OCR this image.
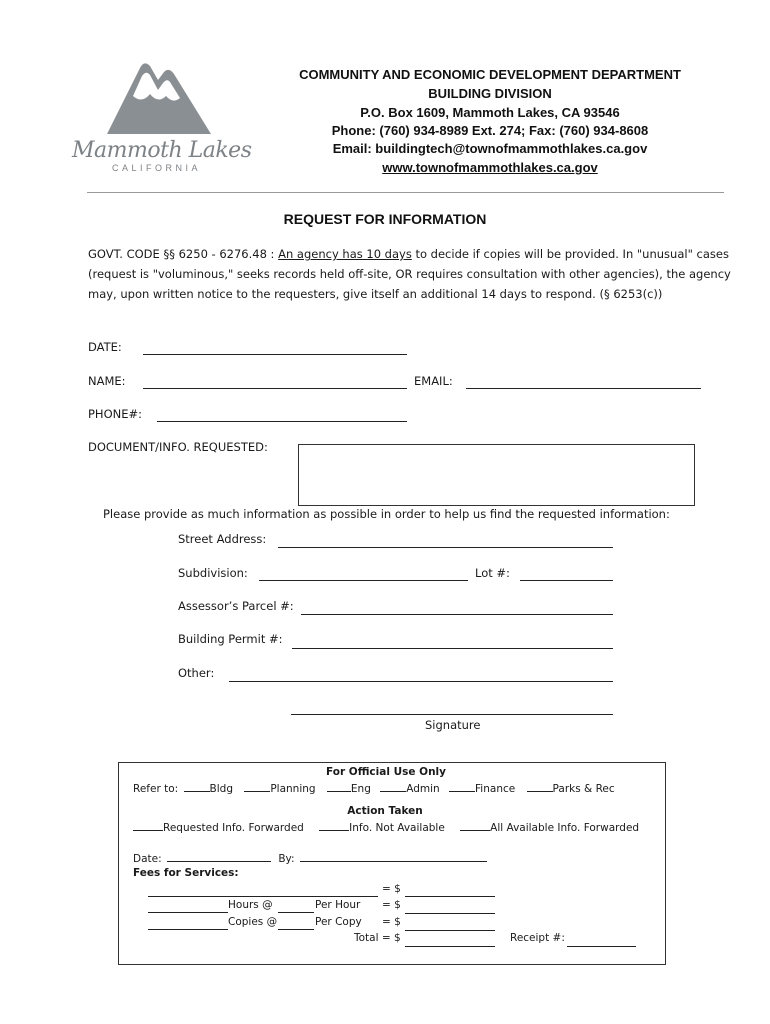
Mammoth Lakes
CALIFORNIA
COMMUNITY AND ECONOMIC DEVELOPMENT DEPARTMENT
BUILDING DIVISION
P.O. Box 1609, Mammoth Lakes, CA 93546
Phone: (760) 934-8989 Ext. 274; Fax: (760) 934-8608
Email: buildingtech@townofmammothlakes.ca.gov
www.townofmammothlakes.ca.gov
REQUEST FOR INFORMATION
GOVT. CODE §§ 6250 - 6276.48 : An agency has 10 days to decide if copies will be provided. In "unusual" cases
(request is "voluminous," seeks records held off-site, OR requires consultation with other agencies), the agency
may, upon written notice to the requesters, give itself an additional 14 days to respond. (§ 6253(c))
DATE:
NAME:	EMAIL:
PHONE#:
DOCUMENT/INFO. REQUESTED:
Please provide as much information as possible in order to help us find the requested information:
Street Address:
Subdivision:	Lot #:
Assessor’s Parcel #:
Building Permit #:
Other:
Signature
For Official Use Only
Refer to:	Bldg	Planning	Eng	Admin	Finance	Parks & Rec
Action Taken
Requested Info. Forwarded	Info. Not Available	All Available Info. Forwarded
Date:	By:
Fees for Services:
= $
Hours @	Per Hour = $
Copies @	Per Copy = $
Total = $	Receipt #:
